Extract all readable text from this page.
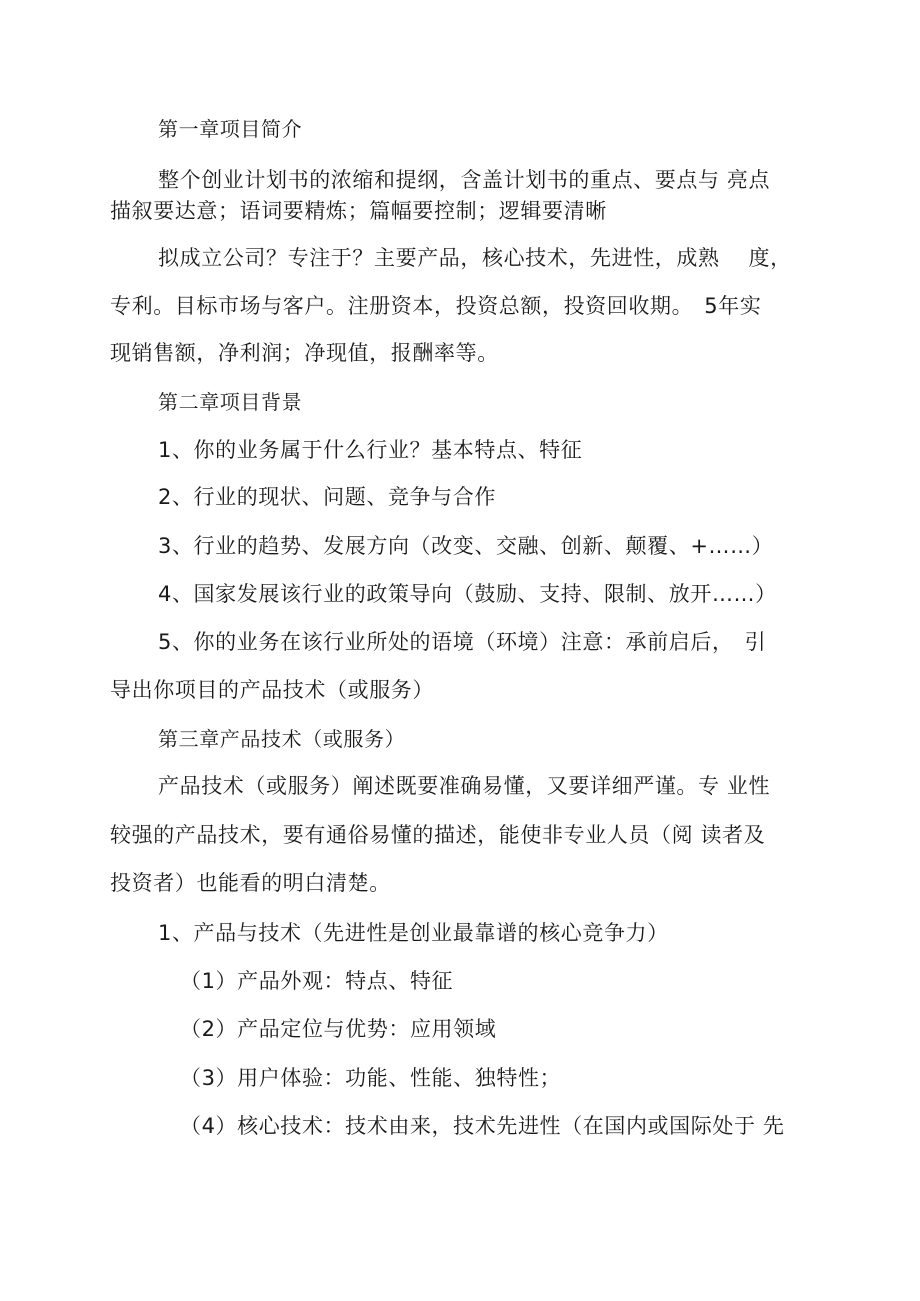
第一章项目简介
整个创业计划书的浓缩和提纲，含盖计划书的重点、要点与 亮点
描叙要达意；语词要精炼；篇幅要控制；逻辑要清晰
拟成立公司？专注于？主要产品，核心技术，先进性，成熟　 度，
专利。目标市场与客户。注册资本，投资总额，投资回收期。　5年实
现销售额，净利润；净现值，报酬率等。
第二章项目背景
1、你的业务属于什么行业？基本特点、特征
2、行业的现状、问题、竞争与合作
3、行业的趋势、发展方向（改变、交融、创新、颠覆、+……）
4、国家发展该行业的政策导向（鼓励、支持、限制、放开……）
5、你的业务在该行业所处的语境（环境）注意：承前启后，　引
导出你项目的产品技术（或服务）
第三章产品技术（或服务）
产品技术（或服务）阐述既要准确易懂，又要详细严谨。专 业性
较强的产品技术，要有通俗易懂的描述，能使非专业人员（阅 读者及
投资者）也能看的明白清楚。
1、产品与技术（先进性是创业最靠谱的核心竞争力）
（1）产品外观：特点、特征
（2）产品定位与优势：应用领域
（3）用户体验：功能、性能、独特性；
（4）核心技术：技术由来，技术先进性（在国内或国际处于 先
